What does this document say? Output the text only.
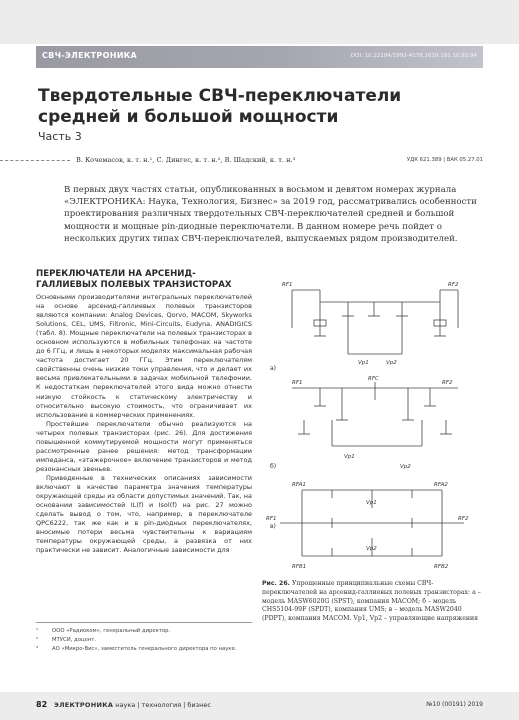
СВЧ-ЭЛЕКТРОНИКА	DOI: 10.22184/1992-4178.2019.191.10.82.94
Твердотельные СВЧ-переключатели средней и большой мощности
Часть 3
В. Кочемасов, к. т. н.¹, С. Дингес, к. т. н.², В. Шадский, к. т. н.³	УДК 621.389 | ВАК 05.27.01
В первых двух частях статьи, опубликованных в восьмом и девятом номерах журнала «ЭЛЕКТРОНИКА: Наука, Технология, Бизнес» за 2019 год, рассматривались особенности проектирования различных твердотельных СВЧ-переключателей средней и большой мощности и мощные pin-диодные переключатели. В данном номере речь пойдет о нескольких других типах СВЧ-переключателей, выпускаемых рядом производителей.
ПЕРЕКЛЮЧАТЕЛИ НА АРСЕНИД-ГАЛЛИЕВЫХ ПОЛЕВЫХ ТРАНЗИСТОРАХ

Основными производителями интегральных переключателей на основе арсенид-галлиевых полевых транзисторов являются компании: Analog Devices, Qorvo, MACOM, Skyworks Solutions, CEL, UMS, Filtronic, Mini-Circuits, Eudyna, ANADIGICS (табл. 8). Мощные переключатели на полевых транзисторах в основном используются в мобильных телефонах на частоте до 6 ГГц, и лишь в некоторых моделях максимальная рабочая частота достигает 20 ГГц. Этим переключателям свойственны очень низкие токи управления, что и делает их весьма привлекательными в задачах мобильной телефонии. К недостаткам переключателей этого вида можно отнести низкую стойкость к статическому электричеству и относительно высокую стоимость, что ограничивает их использование в коммерческих применениях.

Простейшие переключатели обычно реализуются на четырех полевых транзисторах (рис. 26). Для достижения повышенной коммутируемой мощности могут применяться рассмотренные ранее решения: метод трансформации импеданса, «этажерочное» включение транзисторов и метод резонансных звеньев.

Приведенные в технических описаниях зависимости включают в качестве параметра значения температуры окружающей среды из области допустимых значений. Так, на основании зависимостей IL(f) и Isol(f) на рис. 27 можно сделать вывод о том, что, например, в переключателе QPC6222, так же как и в pin-диодных переключателях, вносимые потери весьма чувствительны к вариациям температуры окружающей среды, а развязка от них практически не зависит. Аналогичные зависимости для

¹	ООО «Радиоком», генеральный директор.
²	МТУСИ, доцент.
³	АО «Микро-Вис», заместитель генерального директора по науке.
RF1	RF2
Vp1	Vp2
а)
RF1
RFC
RF2
Vp1
Vp2
б)
RFA1	RFA2
RF1	RF2
Vp1
Vp2
RFB1	RFB2
в)
Рис. 26. Упрощенные принципиальные схемы СВЧ-переключателей на арсенид-галлиевых полевых транзисторах: а – модель MASW6020G (SPST), компания MACOM; б – модель CHS5104-99F (SPDT), компания UMS; в – модель MASW2040 (PDPT), компания MACOM. Vp1, Vp2 – управляющие напряжения
82 ЭЛЕКТРОНИКА наука | технология | бизнес	№10 (00191) 2019
